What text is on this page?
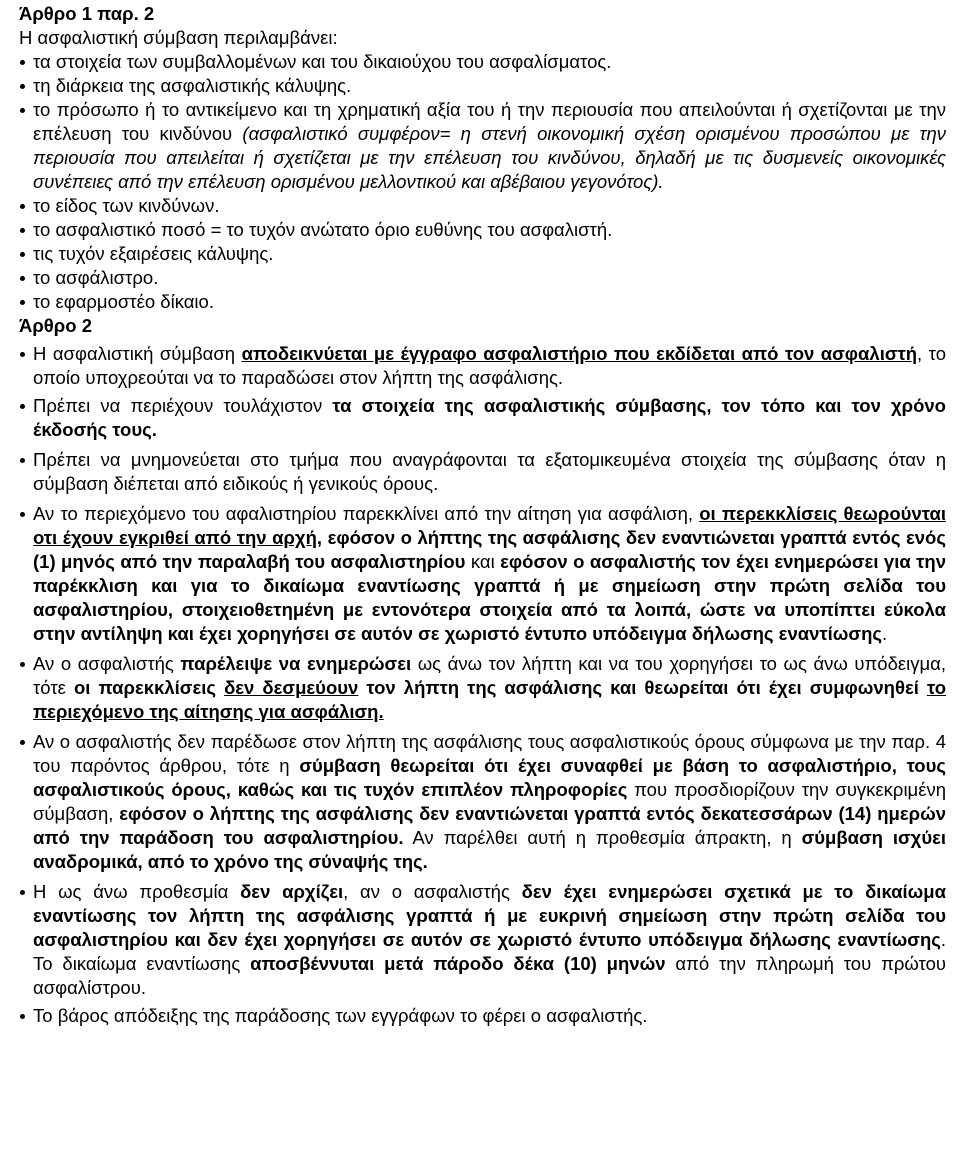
Άρθρο 1 παρ. 2

Η ασφαλιστική σύμβαση περιλαμβάνει:

τα στοιχεία των συμβαλλομένων και του δικαιούχου του ασφαλίσματος.
τη διάρκεια της ασφαλιστικής κάλυψης.
το πρόσωπο ή το αντικείμενο και τη χρηματική αξία του ή την περιουσία που απειλούνται ή σχετίζονται με την επέλευση του κινδύνου (ασφαλιστικό συμφέρον= η στενή οικονομική σχέση ορισμένου προσώπου με την περιουσία που απειλείται ή σχετίζεται με την επέλευση του κινδύνου, δηλαδή με τις δυσμενείς οικονομικές συνέπειες από την επέλευση ορισμένου μελλοντικού και αβέβαιου γεγονότος).
το είδος των κινδύνων.
το ασφαλιστικό ποσό = το τυχόν ανώτατο όριο ευθύνης του ασφαλιστή.
τις τυχόν εξαιρέσεις κάλυψης.
το ασφάλιστρο.
το εφαρμοστέο δίκαιο.

Άρθρο 2

Η ασφαλιστική σύμβαση αποδεικνύεται με έγγραφο ασφαλιστήριο που εκδίδεται από τον ασφαλιστή, το οποίο υποχρεούται να το παραδώσει στον λήπτη της ασφάλισης.
Πρέπει να περιέχουν τουλάχιστον τα στοιχεία της ασφαλιστικής σύμβασης, τον τόπο και τον χρόνο έκδοσής τους.
Πρέπει να μνημονεύεται στο τμήμα που αναγράφονται τα εξατομικευμένα στοιχεία της σύμβασης όταν η σύμβαση διέπεται από ειδικούς ή γενικούς όρους.
Αν το περιεχόμενο του αφαλιστηρίου παρεκκλίνει από την αίτηση για ασφάλιση, οι περεκκλίσεις θεωρούνται οτι έχουν εγκριθεί από την αρχή, εφόσον ο λήπτης της ασφάλισης δεν εναντιώνεται γραπτά εντός ενός (1) μηνός από την παραλαβή του ασφαλιστηρίου και εφόσον ο ασφαλιστής τον έχει ενημερώσει για την παρέκκλιση και για το δικαίωμα εναντίωσης γραπτά ή με σημείωση στην πρώτη σελίδα του ασφαλιστηρίου, στοιχειοθετημένη με εντονότερα στοιχεία από τα λοιπά, ώστε να υποπίπτει εύκολα στην αντίληψη και έχει χορηγήσει σε αυτόν σε χωριστό έντυπο υπόδειγμα δήλωσης εναντίωσης.
Αν ο ασφαλιστής παρέλειψε να ενημερώσει ως άνω τον λήπτη και να του χορηγήσει το ως άνω υπόδειγμα, τότε οι παρεκκλίσεις δεν δεσμεύουν τον λήπτη της ασφάλισης και θεωρείται ότι έχει συμφωνηθεί το περιεχόμενο της αίτησης για ασφάλιση.
Αν ο ασφαλιστής δεν παρέδωσε στον λήπτη της ασφάλισης τους ασφαλιστικούς όρους σύμφωνα με την παρ. 4 του παρόντος άρθρου, τότε η σύμβαση θεωρείται ότι έχει συναφθεί με βάση το ασφαλιστήριο, τους ασφαλιστικούς όρους, καθώς και τις τυχόν επιπλέον πληροφορίες που προσδιορίζουν την συγκεκριμένη σύμβαση, εφόσον ο λήπτης της ασφάλισης δεν εναντιώνεται γραπτά εντός δεκατεσσάρων (14) ημερών από την παράδοση του ασφαλιστηρίου. Αν παρέλθει αυτή η προθεσμία άπρακτη, η σύμβαση ισχύει αναδρομικά, από το χρόνο της σύναψής της.
Η ως άνω προθεσμία δεν αρχίζει, αν ο ασφαλιστής δεν έχει ενημερώσει σχετικά με το δικαίωμα εναντίωσης τον λήπτη της ασφάλισης γραπτά ή με ευκρινή σημείωση στην πρώτη σελίδα του ασφαλιστηρίου και δεν έχει χορηγήσει σε αυτόν σε χωριστό έντυπο υπόδειγμα δήλωσης εναντίωσης. Το δικαίωμα εναντίωσης αποσβέννυται μετά πάροδο δέκα (10) μηνών από την πληρωμή του πρώτου ασφαλίστρου.
Το βάρος απόδειξης της παράδοσης των εγγράφων το φέρει ο ασφαλιστής.
